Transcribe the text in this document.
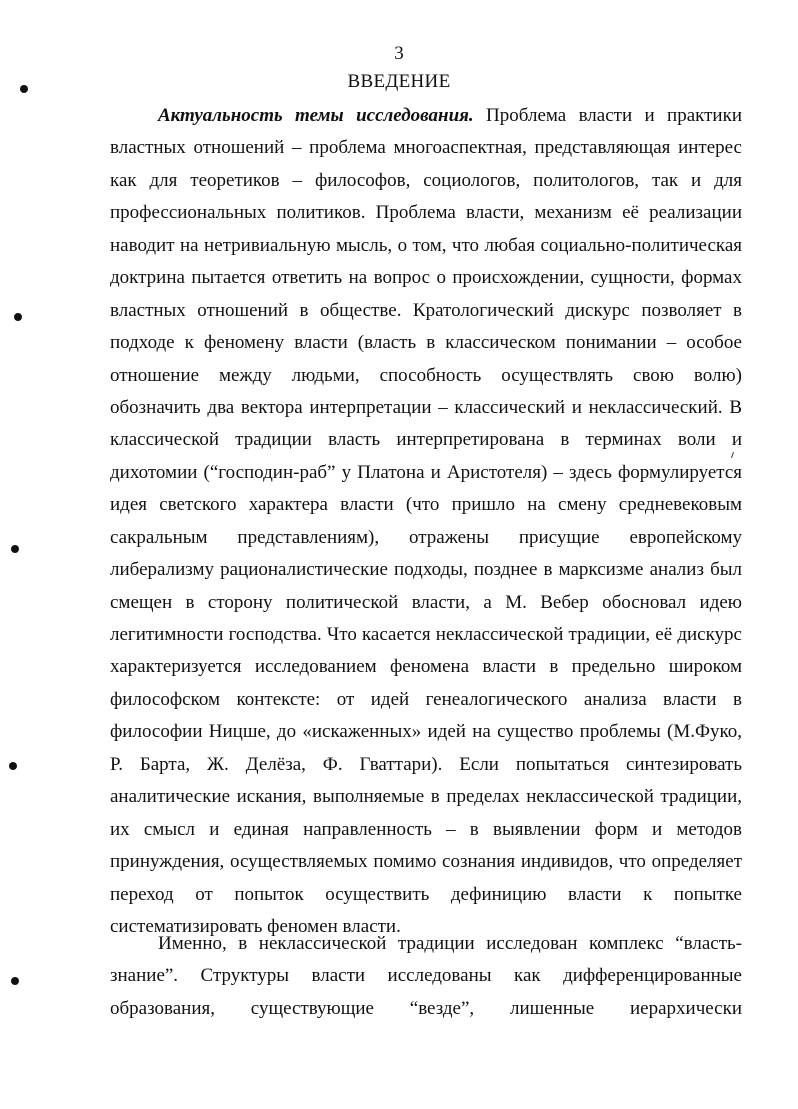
3
ВВЕДЕНИЕ
Актуальность темы исследования. Проблема власти и практики
властных отношений – проблема многоаспектная, представляющая интерес
как для теоретиков – философов, социологов, политологов, так и для
профессиональных политиков. Проблема власти, механизм её реализации
наводит на нетривиальную мысль, о том, что любая социально-политическая
доктрина пытается ответить на вопрос о происхождении, сущности, формах
властных отношений в обществе. Кратологический дискурс позволяет в
подходе к феномену власти (власть в классическом понимании – особое
отношение между людьми, способность осуществлять свою волю)
обозначить два вектора интерпретации – классический и неклассический. В
классической традиции власть интерпретирована в терминах воли и
дихотомии (“господин-раб” у Платона и Аристотеля) – здесь формулируется
идея светского характера власти (что пришло на смену средневековым
сакральным представлениям), отражены присущие европейскому
либерализму рационалистические подходы, позднее в марксизме анализ был
смещен в сторону политической власти, а М. Вебер обосновал идею
легитимности господства. Что касается неклассической традиции, её дискурс
характеризуется исследованием феномена власти в предельно широком
философском контексте: от идей генеалогического анализа власти в
философии Ницше, до «искаженных» идей на существо проблемы (М.Фуко,
Р. Барта, Ж. Делёза, Ф. Гваттари). Если попытаться синтезировать
аналитические искания, выполняемые в пределах неклассической традиции,
их смысл и единая направленность – в выявлении форм и методов
принуждения, осуществляемых помимо сознания индивидов, что определяет
переход от попыток осуществить дефиницию власти к попытке
систематизировать феномен власти.
Именно, в неклассической традиции исследован комплекс “власть-
знание”. Структуры власти исследованы как дифференцированные
образования, существующие “везде”, лишенные иерархически
